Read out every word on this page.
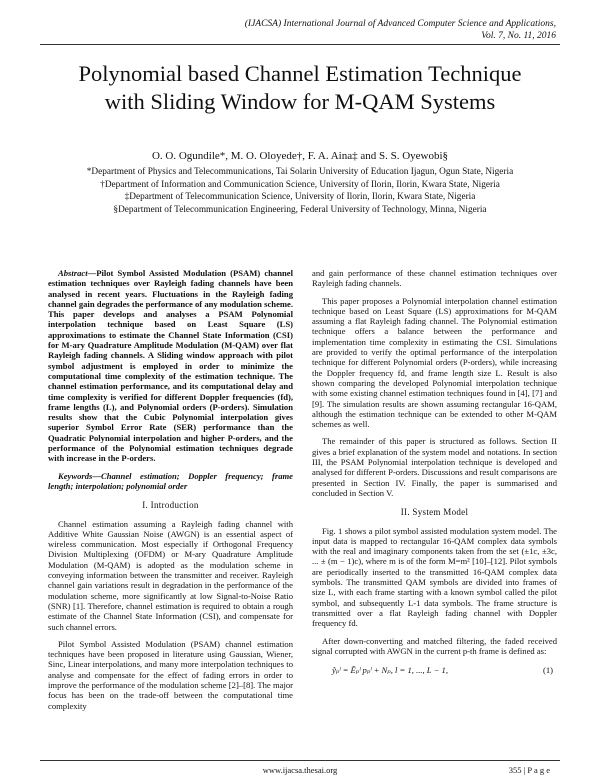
(IJACSA) International Journal of Advanced Computer Science and Applications,
Vol. 7, No. 11, 2016
Polynomial based Channel Estimation Technique
with Sliding Window for M-QAM Systems
O. O. Ogundile*, M. O. Oloyede†, F. A. Aina‡ and S. S. Oyewobi§
*Department of Physics and Telecommunications, Tai Solarin University of Education Ijagun, Ogun State, Nigeria
†Department of Information and Communication Science, University of Ilorin, Ilorin, Kwara State, Nigeria
‡Department of Telecommunication Science, University of Ilorin, Ilorin, Kwara State, Nigeria
§Department of Telecommunication Engineering, Federal University of Technology, Minna, Nigeria

Abstract—Pilot Symbol Assisted Modulation (PSAM) channel estimation techniques over Rayleigh fading channels have been analysed in recent years. Fluctuations in the Rayleigh fading channel gain degrades the performance of any modulation scheme. This paper develops and analyses a PSAM Polynomial interpolation technique based on Least Square (LS) approximations to estimate the Channel State Information (CSI) for M-ary Quadrature Amplitude Modulation (M-QAM) over flat Rayleigh fading channels. A Sliding window approach with pilot symbol adjustment is employed in order to minimize the computational time complexity of the estimation technique. The channel estimation performance, and its computational delay and time complexity is verified for different Doppler frequencies (fd), frame lengths (L), and Polynomial orders (P-orders). Simulation results show that the Cubic Polynomial interpolation gives superior Symbol Error Rate (SER) performance than the Quadratic Polynomial interpolation and higher P-orders, and the performance of the Polynomial estimation techniques degrade with increase in the P-orders.

Keywords—Channel estimation; Doppler frequency; frame length; interpolation; polynomial order

I. Introduction

Channel estimation assuming a Rayleigh fading channel with Additive White Gaussian Noise (AWGN) is an essential aspect of wireless communication. Most especially if Orthogonal Frequency Division Multiplexing (OFDM) or M-ary Quadrature Amplitude Modulation (M-QAM) is adopted as the modulation scheme in conveying information between the transmitter and receiver. Rayleigh channel gain variations result in degradation in the performance of the modulation scheme, more significantly at low Signal-to-Noise Ratio (SNR) [1]. Therefore, channel estimation is required to obtain a rough estimate of the Channel State Information (CSI), and compensate for such channel errors.

Pilot Symbol Assisted Modulation (PSAM) channel estimation techniques have been proposed in literature using Gaussian, Wiener, Sinc, Linear interpolations, and many more interpolation techniques to analyse and compensate for the effect of fading errors in order to improve the performance of the modulation scheme [2]–[8]. The major focus has been on the trade-off between the computational time complexity

and gain performance of these channel estimation techniques over Rayleigh fading channels.

This paper proposes a Polynomial interpolation channel estimation technique based on Least Square (LS) approximations for M-QAM assuming a flat Rayleigh fading channel. The Polynomial estimation technique offers a balance between the performance and implementation time complexity in estimating the CSI. Simulations are provided to verify the optimal performance of the interpolation technique for different Polynomial orders (P-orders), while increasing the Doppler frequency fd, and frame length size L. Result is also shown comparing the developed Polynomial interpolation technique with some existing channel estimation techniques found in [4], [7] and [9]. The simulation results are shown assuming rectangular 16-QAM, although the estimation technique can be extended to other M-QAM schemes as well.

The remainder of this paper is structured as follows. Section II gives a brief explanation of the system model and notations. In section III, the PSAM Polynomial interpolation technique is developed and analysed for different P-orders. Discussions and result comparisons are presented in Section IV. Finally, the paper is summarised and concluded in Section V.

II. System Model

Fig. 1 shows a pilot symbol assisted modulation system model. The input data is mapped to rectangular 16-QAM complex data symbols with the real and imaginary components taken from the set (±1c, ±3c, ... ± (m − 1)c), where m is of the form M=m² [10]–[12]. Pilot symbols are periodically inserted to the transmitted 16-QAM complex data symbols. The transmitted QAM symbols are divided into frames of size L, with each frame starting with a known symbol called the pilot symbol, and subsequently L-1 data symbols. The frame structure is transmitted over a flat Rayleigh fading channel with Doppler frequency fd.

After down-converting and matched filtering, the faded received signal corrupted with AWGN in the current p-th frame is defined as:

ỹₚˡ = Ẽₚˡ pₚˡ + Nₚ, l = 1, ..., L − 1,	(1)
www.ijacsa.thesai.org	355 | P a g e
